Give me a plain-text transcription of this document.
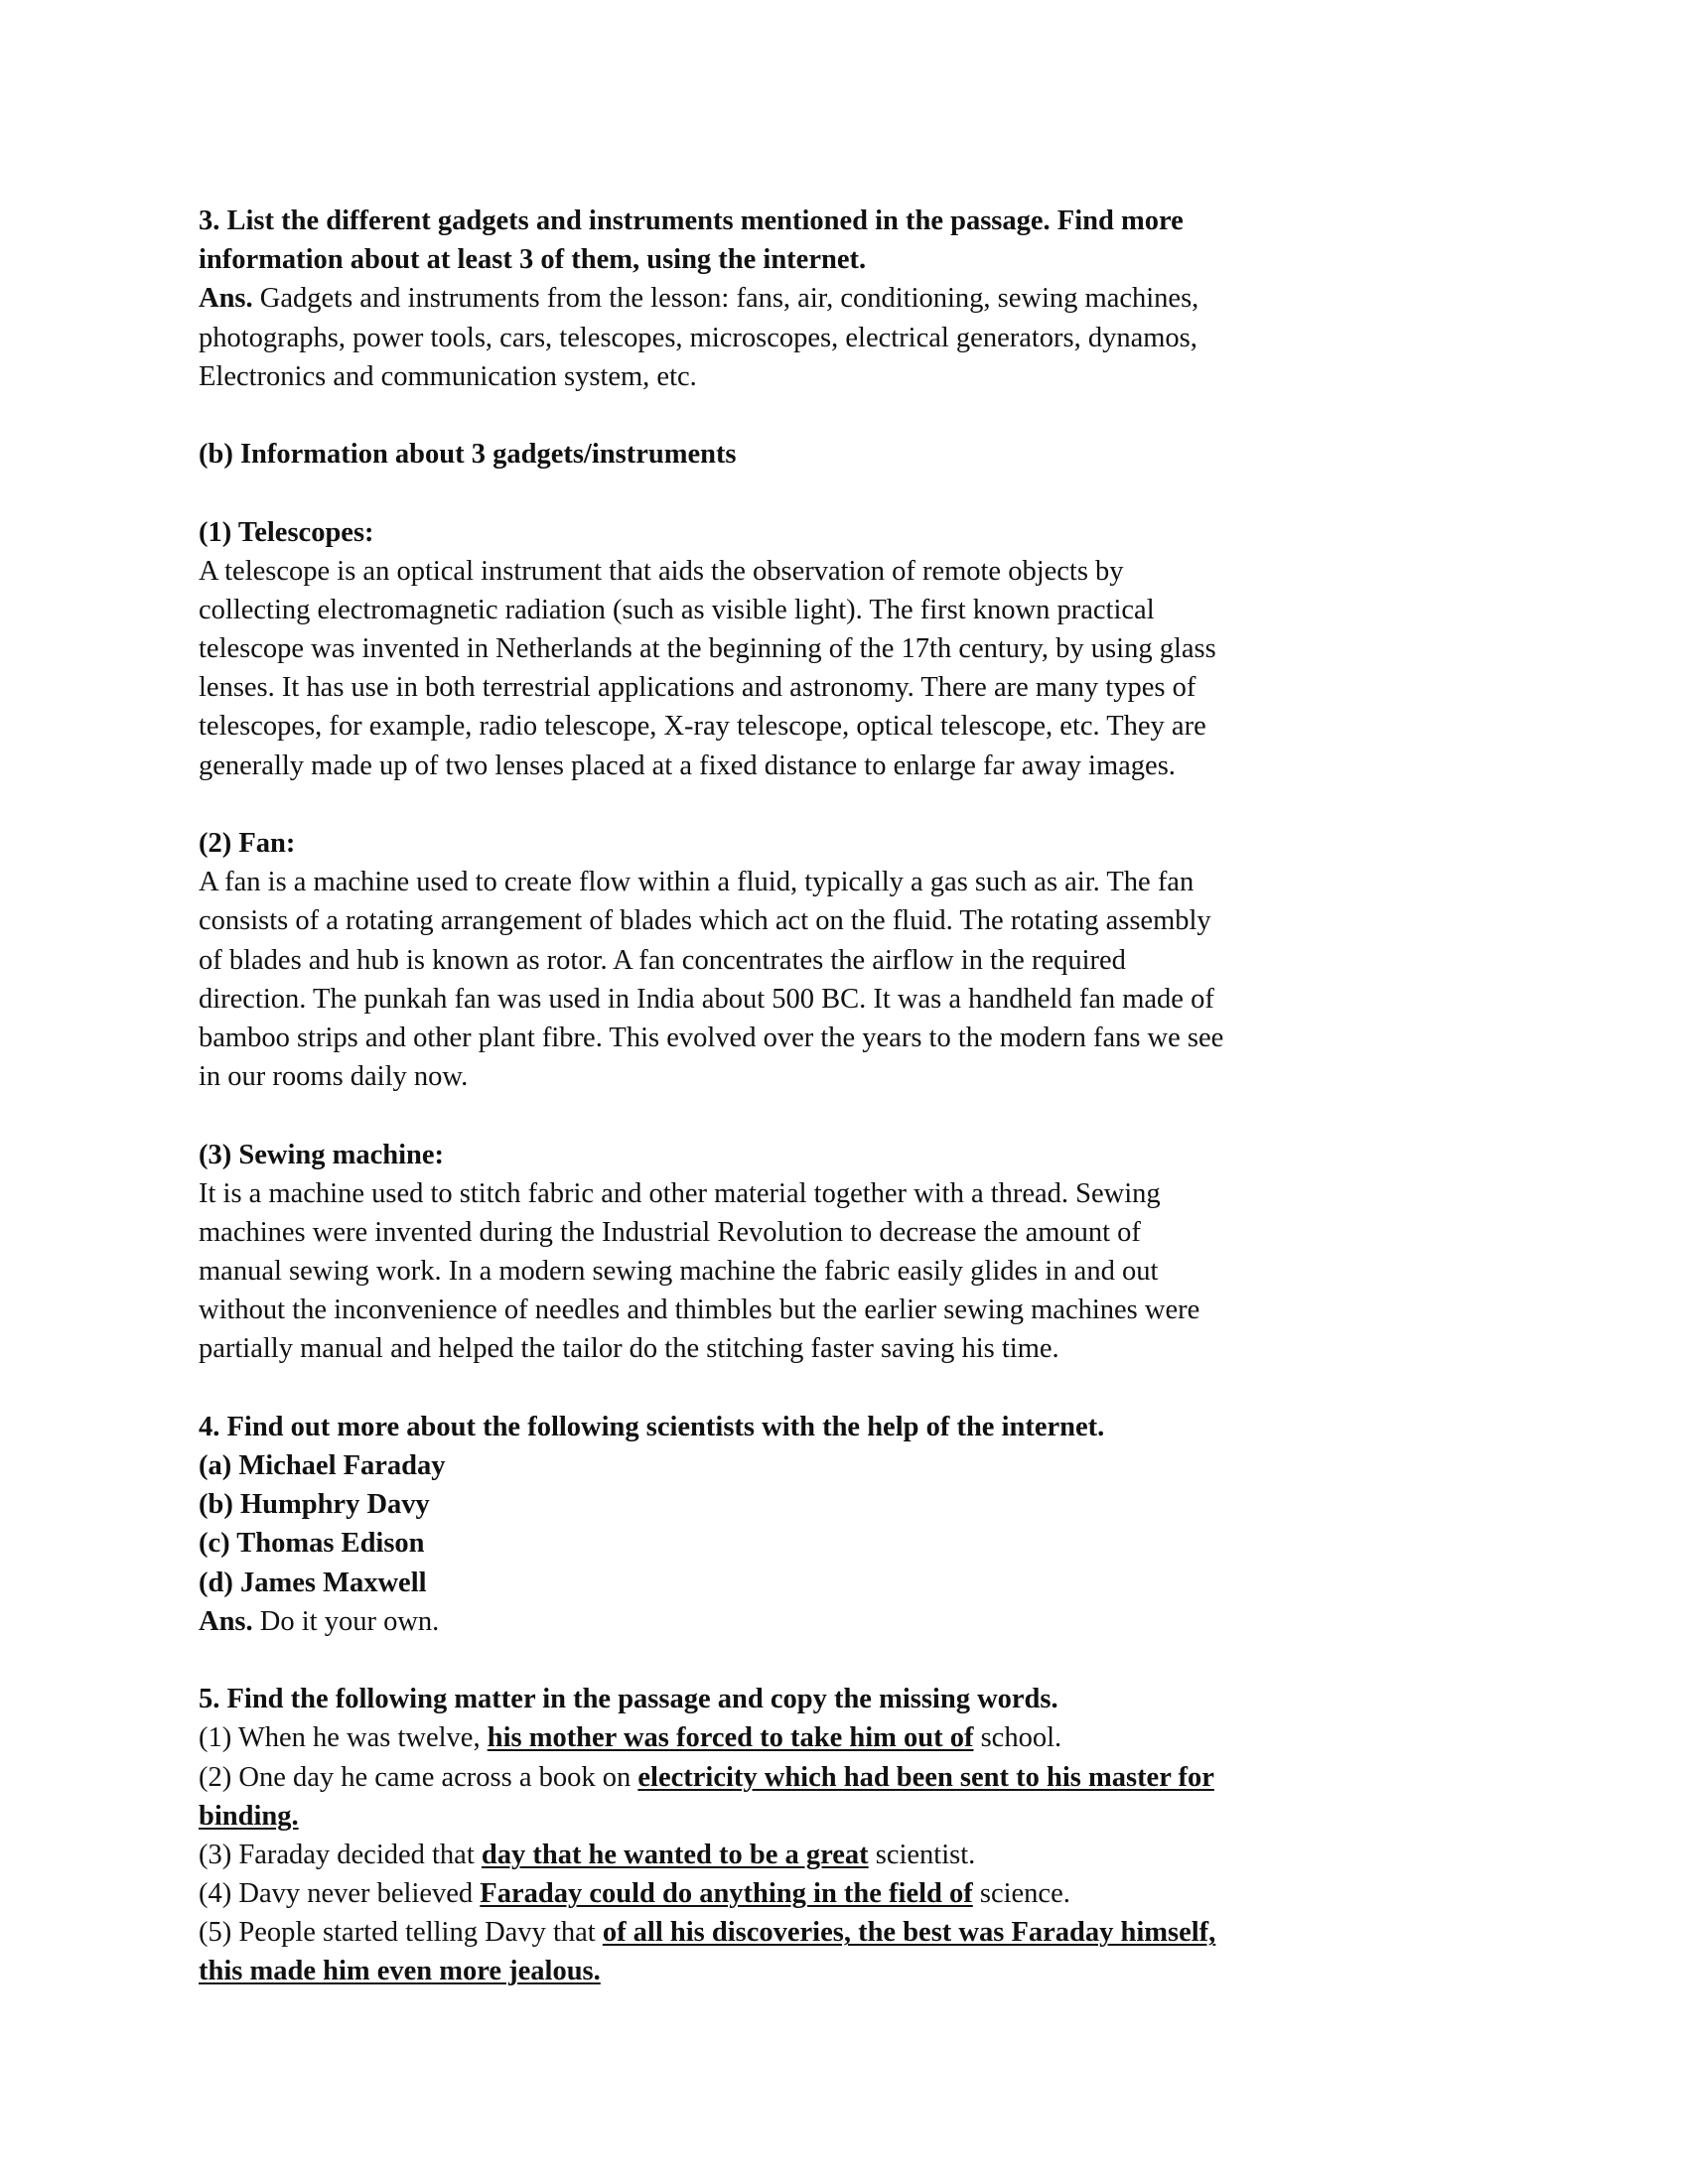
3. List the different gadgets and instruments mentioned in the passage. Find more
information about at least 3 of them, using the internet.
Ans. Gadgets and instruments from the lesson: fans, air, conditioning, sewing machines,
photographs, power tools, cars, telescopes, microscopes, electrical generators, dynamos,
Electronics and communication system, etc.
(b) Information about 3 gadgets/instruments
(1) Telescopes:
A telescope is an optical instrument that aids the observation of remote objects by
collecting electromagnetic radiation (such as visible light). The first known practical
telescope was invented in Netherlands at the beginning of the 17th century, by using glass
lenses. It has use in both terrestrial applications and astronomy. There are many types of
telescopes, for example, radio telescope, X-ray telescope, optical telescope, etc. They are
generally made up of two lenses placed at a fixed distance to enlarge far away images.
(2) Fan:
A fan is a machine used to create flow within a fluid, typically a gas such as air. The fan
consists of a rotating arrangement of blades which act on the fluid. The rotating assembly
of blades and hub is known as rotor. A fan concentrates the airflow in the required
direction. The punkah fan was used in India about 500 BC. It was a handheld fan made of
bamboo strips and other plant fibre. This evolved over the years to the modern fans we see
in our rooms daily now.
(3) Sewing machine:
It is a machine used to stitch fabric and other material together with a thread. Sewing
machines were invented during the Industrial Revolution to decrease the amount of
manual sewing work. In a modern sewing machine the fabric easily glides in and out
without the inconvenience of needles and thimbles but the earlier sewing machines were
partially manual and helped the tailor do the stitching faster saving his time.
4. Find out more about the following scientists with the help of the internet.
(a) Michael Faraday
(b) Humphry Davy
(c) Thomas Edison
(d) James Maxwell
Ans. Do it your own.
5. Find the following matter in the passage and copy the missing words.
(1) When he was twelve, his mother was forced to take him out of school.
(2) One day he came across a book on electricity which had been sent to his master for
binding.
(3) Faraday decided that day that he wanted to be a great scientist.
(4) Davy never believed Faraday could do anything in the field of science.
(5) People started telling Davy that of all his discoveries, the best was Faraday himself,
this made him even more jealous.
